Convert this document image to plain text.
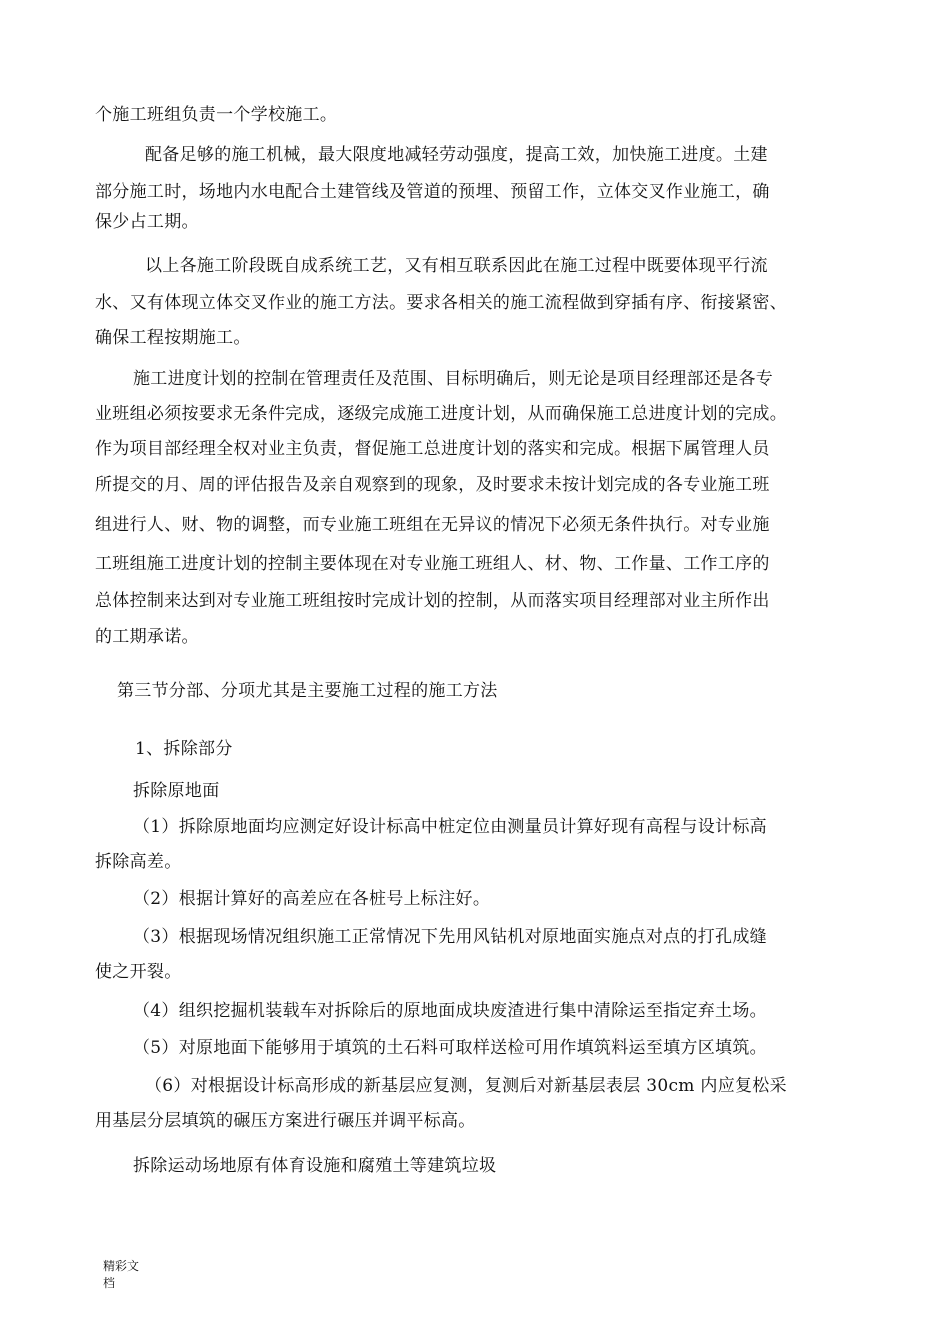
个施工班组负责一个学校施工。
配备足够的施工机械，最大限度地减轻劳动强度，提高工效，加快施工进度。土建
部分施工时，场地内水电配合土建管线及管道的预埋、预留工作，立体交叉作业施工，确
保少占工期。
以上各施工阶段既自成系统工艺，又有相互联系因此在施工过程中既要体现平行流
水、又有体现立体交叉作业的施工方法。要求各相关的施工流程做到穿插有序、衔接紧密、
确保工程按期施工。
施工进度计划的控制在管理责任及范围、目标明确后，则无论是项目经理部还是各专
业班组必须按要求无条件完成，逐级完成施工进度计划，从而确保施工总进度计划的完成。
作为项目部经理全权对业主负责，督促施工总进度计划的落实和完成。根据下属管理人员
所提交的月、周的评估报告及亲自观察到的现象，及时要求未按计划完成的各专业施工班
组进行人、财、物的调整，而专业施工班组在无异议的情况下必须无条件执行。对专业施
工班组施工进度计划的控制主要体现在对专业施工班组人、材、物、工作量、工作工序的
总体控制来达到对专业施工班组按时完成计划的控制，从而落实项目经理部对业主所作出
的工期承诺。
第三节分部、分项尤其是主要施工过程的施工方法
1、拆除部分
拆除原地面
（1）拆除原地面均应测定好设计标高中桩定位由测量员计算好现有高程与设计标高
拆除高差。
（2）根据计算好的高差应在各桩号上标注好。
（3）根据现场情况组织施工正常情况下先用风钻机对原地面实施点对点的打孔成缝
使之开裂。
（4）组织挖掘机装载车对拆除后的原地面成块废渣进行集中清除运至指定弃土场。
（5）对原地面下能够用于填筑的土石料可取样送检可用作填筑料运至填方区填筑。
（6）对根据设计标高形成的新基层应复测，复测后对新基层表层 30cm 内应复松采
用基层分层填筑的碾压方案进行碾压并调平标高。
拆除运动场地原有体育设施和腐殖土等建筑垃圾
精彩文
档
